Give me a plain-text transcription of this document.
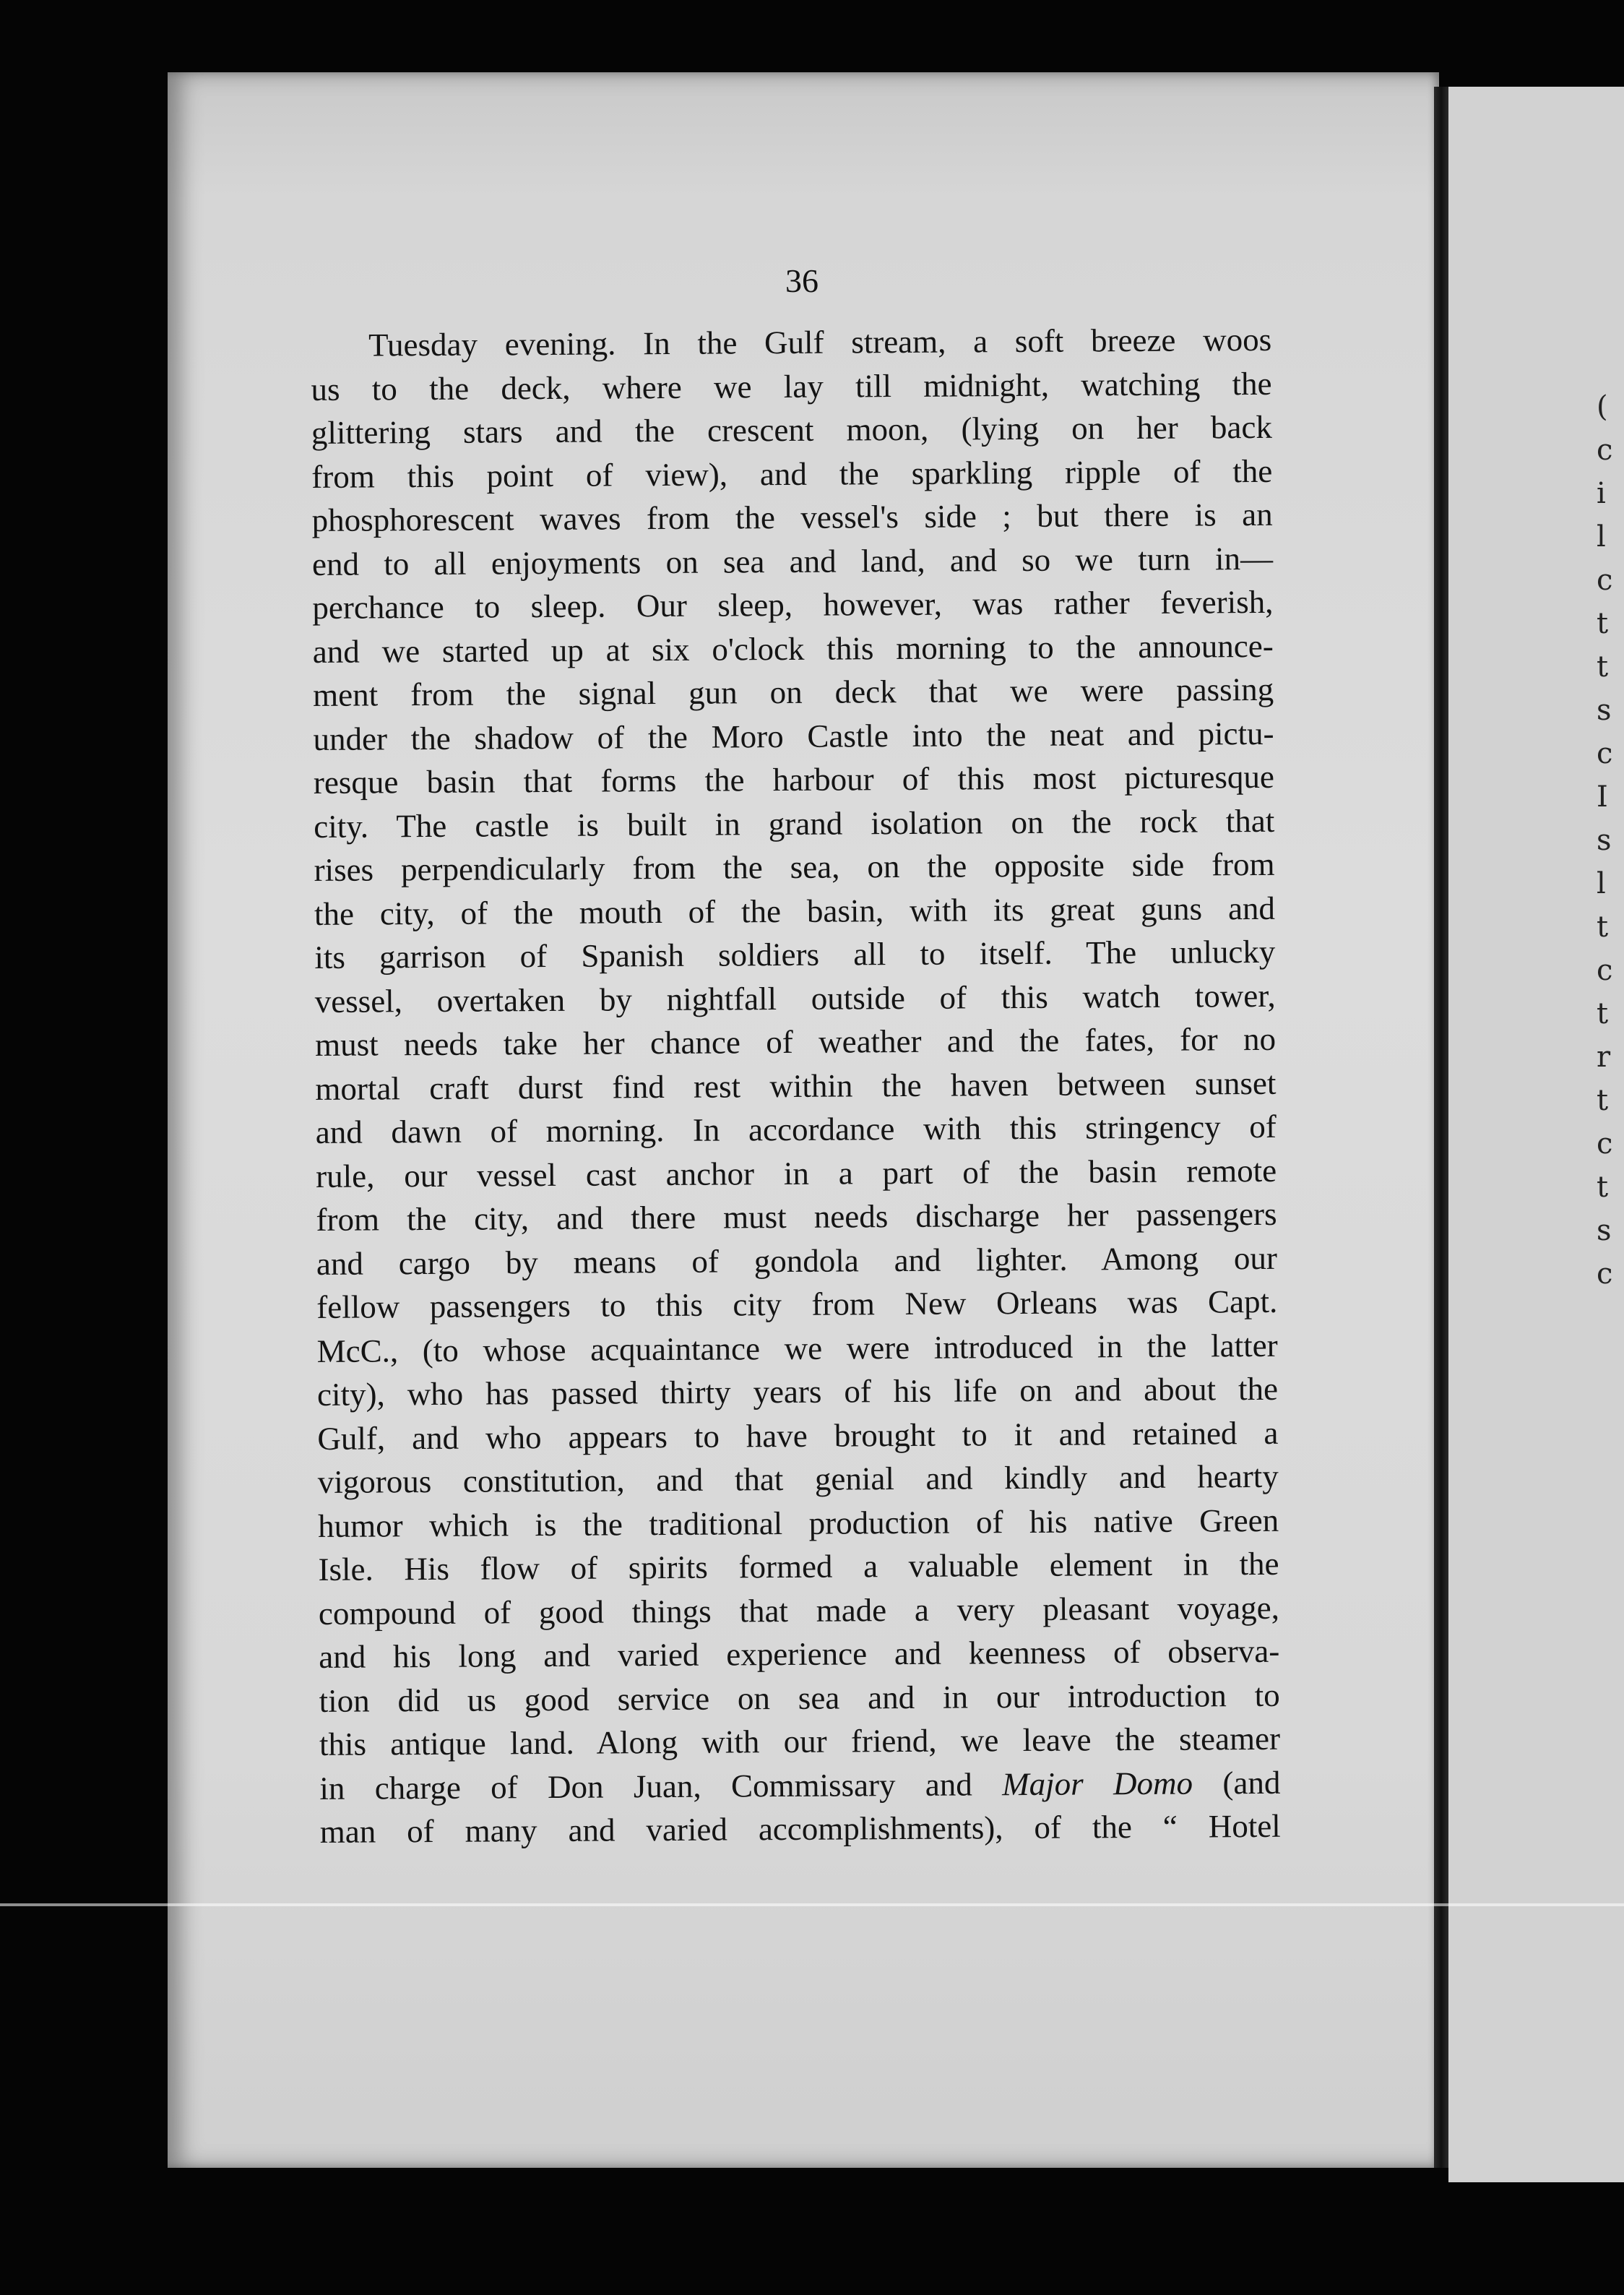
(
c
i
l
c
t
t
s
c
I
s
l
t
c
t
r
t
c
t
s
c
36
Tuesday evening. In the Gulf stream, a soft breeze woos
us to the deck, where we lay till midnight, watching the
glittering stars and the crescent moon, (lying on her back
from this point of view), and the sparkling ripple of the
phosphorescent waves from the vessel's side ; but there is an
end to all enjoyments on sea and land, and so we turn in—
perchance to sleep. Our sleep, however, was rather feverish,
and we started up at six o'clock this morning to the announce-
ment from the signal gun on deck that we were passing
under the shadow of the Moro Castle into the neat and pictu-
resque basin that forms the harbour of this most picturesque
city. The castle is built in grand isolation on the rock that
rises perpendicularly from the sea, on the opposite side from
the city, of the mouth of the basin, with its great guns and
its garrison of Spanish soldiers all to itself. The unlucky
vessel, overtaken by nightfall outside of this watch tower,
must needs take her chance of weather and the fates, for no
mortal craft durst find rest within the haven between sunset
and dawn of morning. In accordance with this stringency of
rule, our vessel cast anchor in a part of the basin remote
from the city, and there must needs discharge her passengers
and cargo by means of gondola and lighter. Among our
fellow passengers to this city from New Orleans was Capt.
McC., (to whose acquaintance we were introduced in the latter
city), who has passed thirty years of his life on and about the
Gulf, and who appears to have brought to it and retained a
vigorous constitution, and that genial and kindly and hearty
humor which is the traditional production of his native Green
Isle. His flow of spirits formed a valuable element in the
compound of good things that made a very pleasant voyage,
and his long and varied experience and keenness of observa-
tion did us good service on sea and in our introduction to
this antique land. Along with our friend, we leave the steamer
in charge of Don Juan, Commissary and Major Domo (and
man of many and varied accomplishments), of the “ Hotel
